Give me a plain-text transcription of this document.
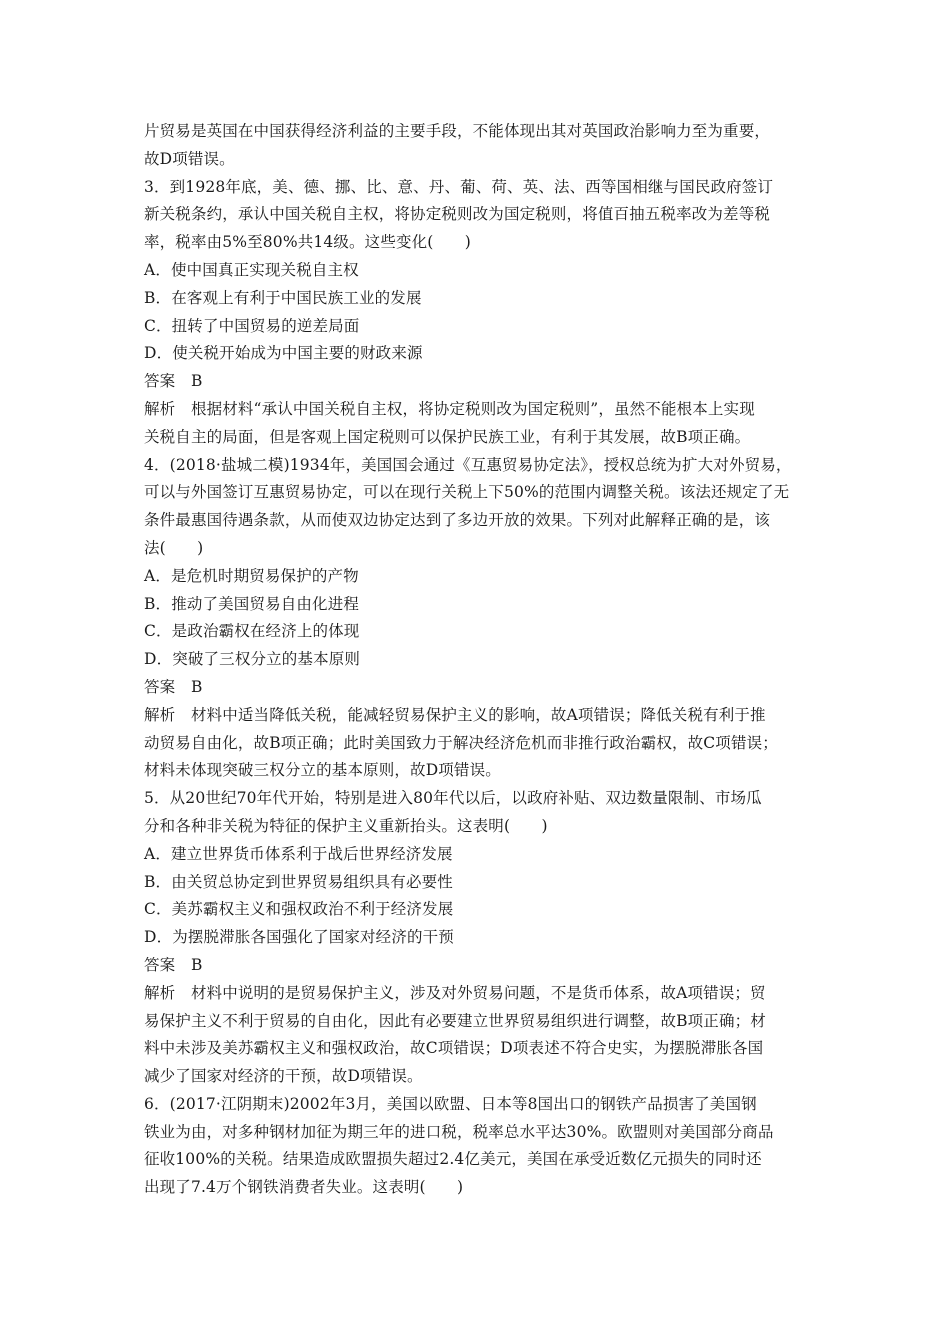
片贸易是英国在中国获得经济利益的主要手段，不能体现出其对英国政治影响力至为重要，
故D项错误。
3．到1928年底，美、德、挪、比、意、丹、葡、荷、英、法、西等国相继与国民政府签订
新关税条约，承认中国关税自主权，将协定税则改为国定税则，将值百抽五税率改为差等税
率，税率由5%至80%共14级。这些变化(　　)
A．使中国真正实现关税自主权
B．在客观上有利于中国民族工业的发展
C．扭转了中国贸易的逆差局面
D．使关税开始成为中国主要的财政来源
答案　B
解析　根据材料“承认中国关税自主权，将协定税则改为国定税则”，虽然不能根本上实现
关税自主的局面，但是客观上国定税则可以保护民族工业，有利于其发展，故B项正确。
4．(2018·盐城二模)1934年，美国国会通过《互惠贸易协定法》，授权总统为扩大对外贸易，
可以与外国签订互惠贸易协定，可以在现行关税上下50%的范围内调整关税。该法还规定了无
条件最惠国待遇条款，从而使双边协定达到了多边开放的效果。下列对此解释正确的是，该
法(　　)
A．是危机时期贸易保护的产物
B．推动了美国贸易自由化进程
C．是政治霸权在经济上的体现
D．突破了三权分立的基本原则
答案　B
解析　材料中适当降低关税，能减轻贸易保护主义的影响，故A项错误；降低关税有利于推
动贸易自由化，故B项正确；此时美国致力于解决经济危机而非推行政治霸权，故C项错误；
材料未体现突破三权分立的基本原则，故D项错误。
5．从20世纪70年代开始，特别是进入80年代以后，以政府补贴、双边数量限制、市场瓜
分和各种非关税为特征的保护主义重新抬头。这表明(　　)
A．建立世界货币体系利于战后世界经济发展
B．由关贸总协定到世界贸易组织具有必要性
C．美苏霸权主义和强权政治不利于经济发展
D．为摆脱滞胀各国强化了国家对经济的干预
答案　B
解析　材料中说明的是贸易保护主义，涉及对外贸易问题，不是货币体系，故A项错误；贸
易保护主义不利于贸易的自由化，因此有必要建立世界贸易组织进行调整，故B项正确；材
料中未涉及美苏霸权主义和强权政治，故C项错误；D项表述不符合史实，为摆脱滞胀各国
减少了国家对经济的干预，故D项错误。
6．(2017·江阴期末)2002年3月，美国以欧盟、日本等8国出口的钢铁产品损害了美国钢
铁业为由，对多种钢材加征为期三年的进口税，税率总水平达30%。欧盟则对美国部分商品
征收100%的关税。结果造成欧盟损失超过2.4亿美元，美国在承受近数亿元损失的同时还
出现了7.4万个钢铁消费者失业。这表明(　　)
